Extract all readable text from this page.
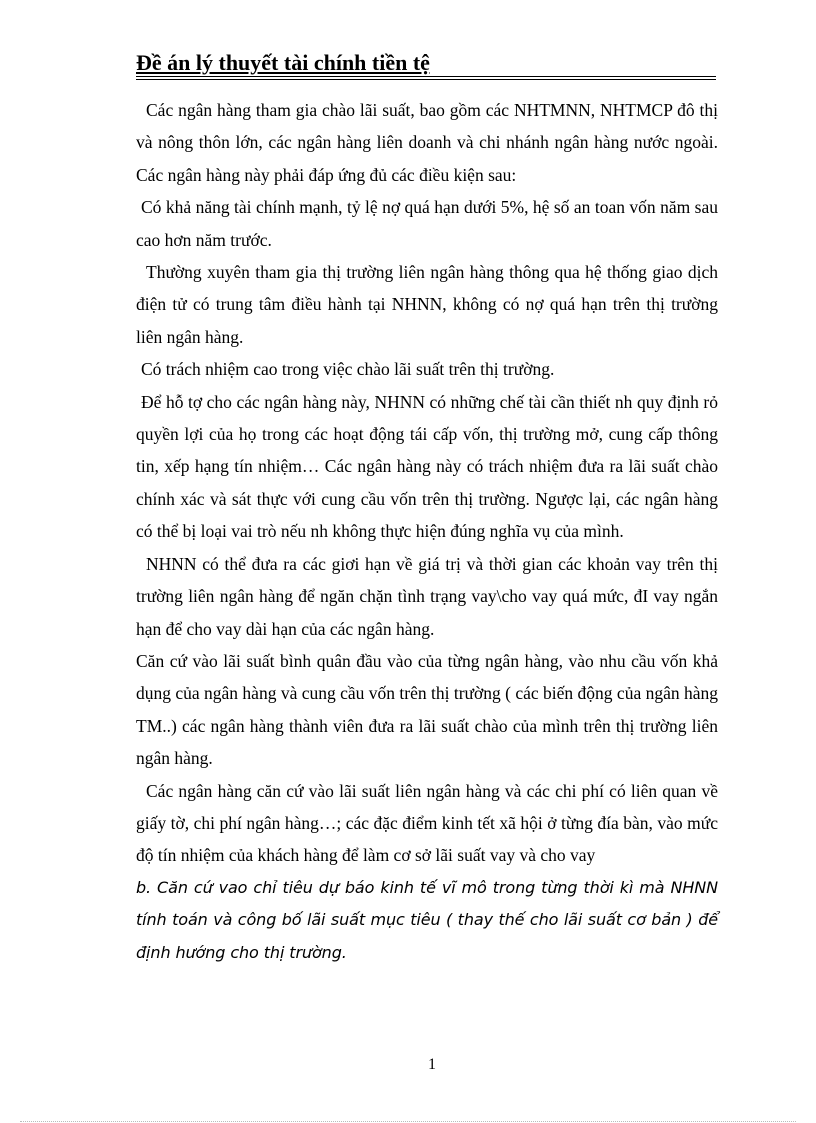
Đề án lý thuyết tài chính tiền tệ

Các ngân hàng tham gia chào lãi suất, bao gồm các NHTMNN, NHTMCP đô thị và nông thôn lớn, các ngân hàng liên doanh và chi nhánh ngân hàng nước ngoài. Các ngân hàng này phải đáp ứng đủ các điều kiện sau:

Có khả năng tài chính mạnh, tỷ lệ nợ quá hạn dưới 5%, hệ số an toan vốn năm sau cao hơn năm trước.

Thường xuyên tham gia thị trường liên ngân hàng thông qua hệ thống giao dịch điện tử có trung tâm điều hành tại NHNN, không có nợ quá hạn trên thị trường liên ngân hàng.

Có trách nhiệm cao trong việc chào lãi suất trên thị trường.

Để hỗ tợ cho các ngân hàng này, NHNN có những chế tài cần thiết nh quy định rỏ quyền lợi của họ trong các hoạt động tái cấp vốn, thị trường mở, cung cấp thông tin, xếp hạng tín nhiệm… Các ngân hàng này có trách nhiệm đưa ra lãi suất chào chính xác và sát thực với cung cầu vốn trên thị trường. Ngược lại, các ngân hàng có thể bị loại vai trò nếu nh không thực hiện đúng nghĩa vụ của mình.

NHNN có thể đưa ra các giơi hạn về giá trị và thời gian các khoản vay trên thị trường liên ngân hàng để ngăn chặn tình trạng vay\cho vay quá mức, đI vay ngắn hạn để cho vay dài hạn của các ngân hàng.

Căn cứ vào lãi suất bình quân đầu vào của từng ngân hàng, vào nhu cầu vốn khả dụng của ngân hàng và cung cầu vốn trên thị trường ( các biến động của ngân hàng TM..) các ngân hàng thành viên đưa ra lãi suất chào của mình trên thị trường liên ngân hàng.

Các ngân hàng căn cứ vào lãi suất liên ngân hàng và các chi phí có liên quan về giấy tờ, chi phí ngân hàng…; các đặc điểm kinh tết xã hội ở từng đía bàn, vào mức độ tín nhiệm của khách hàng để làm cơ sở lãi suất vay và cho vay

b. Căn cứ vao chỉ tiêu dự báo kinh tế vĩ mô trong từng thời kì mà NHNN tính toán và công bố lãi suất mục tiêu ( thay thế cho lãi suất cơ bản ) để định hướng cho thị trường.

1
